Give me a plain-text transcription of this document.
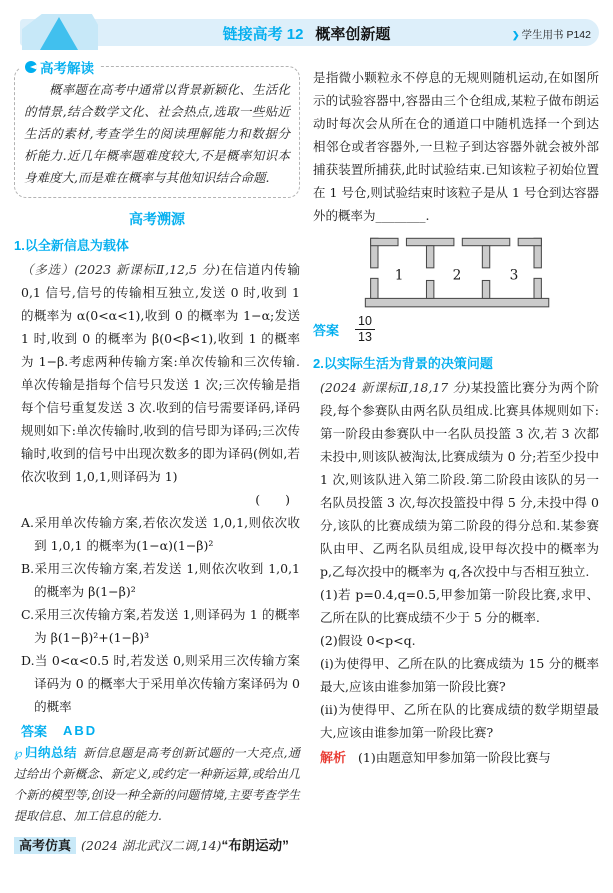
链接高考 12 概率创新题	❯ 学生用书 P142
高考解读
概率题在高考中通常以背景新颖化、生活化的情景,结合数学文化、社会热点,选取一些贴近生活的素材,考查学生的阅读理解能力和数据分析能力.近几年概率题难度较大,不是概率知识本身难度大,而是难在概率与其他知识结合命题.
高考溯源
1.以全新信息为载体

（多选）(2023 新课标Ⅱ,12,5 分)在信道内传输 0,1 信号,信号的传输相互独立,发送 0 时,收到 1 的概率为 α(0<α<1),收到 0 的概率为 1−α;发送 1 时,收到 0 的概率为 β(0<β<1),收到 1 的概率为 1−β.考虑两种传输方案:单次传输和三次传输.单次传输是指每个信号只发送 1 次;三次传输是指每个信号重复发送 3 次.收到的信号需要译码,译码规则如下:单次传输时,收到的信号即为译码;三次传输时,收到的信号中出现次数多的即为译码(例如,若依次收到 1,0,1,则译码为 1)

(　　)

A.采用单次传输方案,若依次发送 1,0,1,则依次收到 1,0,1 的概率为(1−α)(1−β)²

B.采用三次传输方案,若发送 1,则依次收到 1,0,1 的概率为 β(1−β)²

C.采用三次传输方案,若发送 1,则译码为 1 的概率为 β(1−β)²+(1−β)³

D.当 0<α<0.5 时,若发送 0,则采用三次传输方案译码为 0 的概率大于采用单次传输方案译码为 0 的概率

答案 ABD

℘ 归纳总结 新信息题是高考创新试题的一大亮点,通过给出个新概念、新定义,或约定一种新运算,或给出几个新的模型等,创设一种全新的问题情境,主要考查学生提取信息、加工信息的能力.

高考仿真 (2024 湖北武汉二调,14)“布朗运动”

是指微小颗粒永不停息的无规则随机运动,在如图所示的试验容器中,容器由三个仓组成,某粒子做布朗运动时每次会从所在仓的通道口中随机选择一个到达相邻仓或者容器外,一旦粒子到达容器外就会被外部捕获装置所捕获,此时试验结束.已知该粒子初始位置在 1 号仓,则试验结束时该粒子是从 1 号仓到达容器外的概率为________.

1	2	3
答案 $\frac{10}{13}$
2.以实际生活为背景的决策问题

(2024 新课标Ⅱ,18,17 分)某投篮比赛分为两个阶段,每个参赛队由两名队员组成.比赛具体规则如下:第一阶段由参赛队中一名队员投篮 3 次,若 3 次都未投中,则该队被淘汰,比赛成绩为 0 分;若至少投中 1 次,则该队进入第二阶段.第二阶段由该队的另一名队员投篮 3 次,每次投篮投中得 5 分,未投中得 0 分,该队的比赛成绩为第二阶段的得分总和.某参赛队由甲、乙两名队员组成,设甲每次投中的概率为 p,乙每次投中的概率为 q,各次投中与否相互独立.

(1)若 p=0.4,q=0.5,甲参加第一阶段比赛,求甲、乙所在队的比赛成绩不少于 5 分的概率.

(2)假设 0<p<q.

(i)为使得甲、乙所在队的比赛成绩为 15 分的概率最大,应该由谁参加第一阶段比赛?

(ii)为使得甲、乙所在队的比赛成绩的数学期望最大,应该由谁参加第一阶段比赛?

解析 (1)由题意知甲参加第一阶段比赛与
